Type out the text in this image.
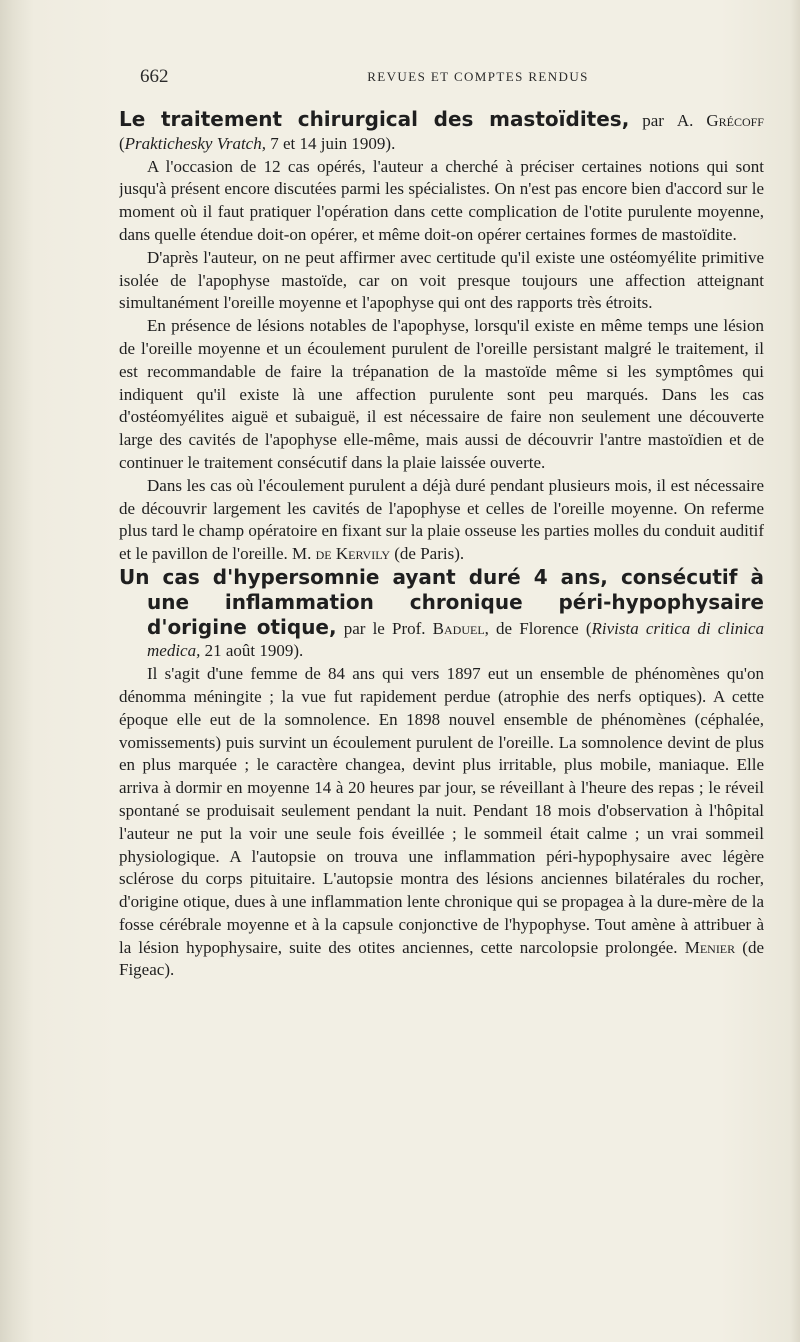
662	REVUES ET COMPTES RENDUS

Le traitement chirurgical des mastoïdites, par A. Grécoff (Praktichesky Vratch, 7 et 14 juin 1909).

A l'occasion de 12 cas opérés, l'auteur a cherché à préciser certaines notions qui sont jusqu'à présent encore discutées parmi les spécialistes. On n'est pas encore bien d'accord sur le moment où il faut pratiquer l'opération dans cette complication de l'otite purulente moyenne, dans quelle étendue doit-on opérer, et même doit-on opérer certaines formes de mastoïdite.

D'après l'auteur, on ne peut affirmer avec certitude qu'il existe une ostéomyélite primitive isolée de l'apophyse mastoïde, car on voit presque toujours une affection atteignant simultanément l'oreille moyenne et l'apophyse qui ont des rapports très étroits.

En présence de lésions notables de l'apophyse, lorsqu'il existe en même temps une lésion de l'oreille moyenne et un écoulement purulent de l'oreille persistant malgré le traitement, il est recommandable de faire la trépanation de la mastoïde même si les symptômes qui indiquent qu'il existe là une affection purulente sont peu marqués. Dans les cas d'ostéomyélites aiguë et subaiguë, il est nécessaire de faire non seulement une découverte large des cavités de l'apophyse elle-même, mais aussi de découvrir l'antre mastoïdien et de continuer le traitement consécutif dans la plaie laissée ouverte.

Dans les cas où l'écoulement purulent a déjà duré pendant plusieurs mois, il est nécessaire de découvrir largement les cavités de l'apophyse et celles de l'oreille moyenne. On referme plus tard le champ opératoire en fixant sur la plaie osseuse les parties molles du conduit auditif et le pavillon de l'oreille. M. de Kervily (de Paris).

Un cas d'hypersomnie ayant duré 4 ans, consécutif à une inflammation chronique péri-hypophysaire d'origine otique, par le Prof. Baduel, de Florence (Rivista critica di clinica medica, 21 août 1909).

Il s'agit d'une femme de 84 ans qui vers 1897 eut un ensemble de phénomènes qu'on dénomma méningite ; la vue fut rapidement perdue (atrophie des nerfs optiques). A cette époque elle eut de la somnolence. En 1898 nouvel ensemble de phénomènes (céphalée, vomissements) puis survint un écoulement purulent de l'oreille. La somnolence devint de plus en plus marquée ; le caractère changea, devint plus irritable, plus mobile, maniaque. Elle arriva à dormir en moyenne 14 à 20 heures par jour, se réveillant à l'heure des repas ; le réveil spontané se produisait seulement pendant la nuit. Pendant 18 mois d'observation à l'hôpital l'auteur ne put la voir une seule fois éveillée ; le sommeil était calme ; un vrai sommeil physiologique. A l'autopsie on trouva une inflammation péri-hypophysaire avec légère sclérose du corps pituitaire. L'autopsie montra des lésions anciennes bilatérales du rocher, d'origine otique, dues à une inflammation lente chronique qui se propagea à la dure-mère de la fosse cérébrale moyenne et à la capsule conjonctive de l'hypophyse. Tout amène à attribuer à la lésion hypophysaire, suite des otites anciennes, cette narcolopsie prolongée. Menier (de Figeac).
